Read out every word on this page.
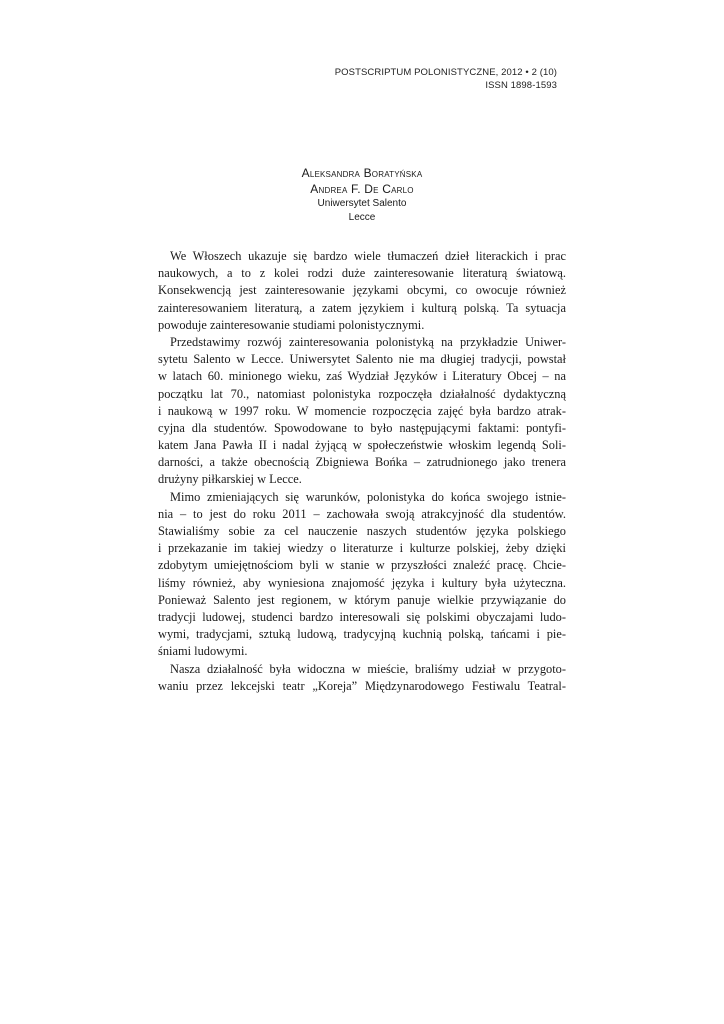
POSTSCRIPTUM POLONISTYCZNE, 2012 • 2 (10)
ISSN 1898-1593
Aleksandra Boratyńska
Andrea F. De Carlo
Uniwersytet Salento
Lecce
We Włoszech ukazuje się bardzo wiele tłumaczeń dzieł literackich i prac
naukowych, a to z kolei rodzi duże zainteresowanie literaturą światową.
Konsekwencją jest zainteresowanie językami obcymi, co owocuje również
zainteresowaniem literaturą, a zatem językiem i kulturą polską. Ta sytuacja
powoduje zainteresowanie studiami polonistycznymi.
Przedstawimy rozwój zainteresowania polonistyką na przykładzie Uniwer-
sytetu Salento w Lecce. Uniwersytet Salento nie ma długiej tradycji, powstał
w latach 60. minionego wieku, zaś Wydział Języków i Literatury Obcej – na
początku lat 70., natomiast polonistyka rozpoczęła działalność dydaktyczną
i naukową w 1997 roku. W momencie rozpoczęcia zajęć była bardzo atrak-
cyjna dla studentów. Spowodowane to było następującymi faktami: pontyfi-
katem Jana Pawła II i nadal żyjącą w społeczeństwie włoskim legendą Soli-
darności, a także obecnością Zbigniewa Bońka – zatrudnionego jako trenera
drużyny piłkarskiej w Lecce.
Mimo zmieniających się warunków, polonistyka do końca swojego istnie-
nia – to jest do roku 2011 – zachowała swoją atrakcyjność dla studentów.
Stawialiśmy sobie za cel nauczenie naszych studentów języka polskiego
i przekazanie im takiej wiedzy o literaturze i kulturze polskiej, żeby dzięki
zdobytym umiejętnościom byli w stanie w przyszłości znaleźć pracę. Chcie-
liśmy również, aby wyniesiona znajomość języka i kultury była użyteczna.
Ponieważ Salento jest regionem, w którym panuje wielkie przywiązanie do
tradycji ludowej, studenci bardzo interesowali się polskimi obyczajami ludo-
wymi, tradycjami, sztuką ludową, tradycyjną kuchnią polską, tańcami i pie-
śniami ludowymi.
Nasza działalność była widoczna w mieście, braliśmy udział w przygoto-
waniu przez lekcejski teatr „Koreja” Międzynarodowego Festiwalu Teatral-
